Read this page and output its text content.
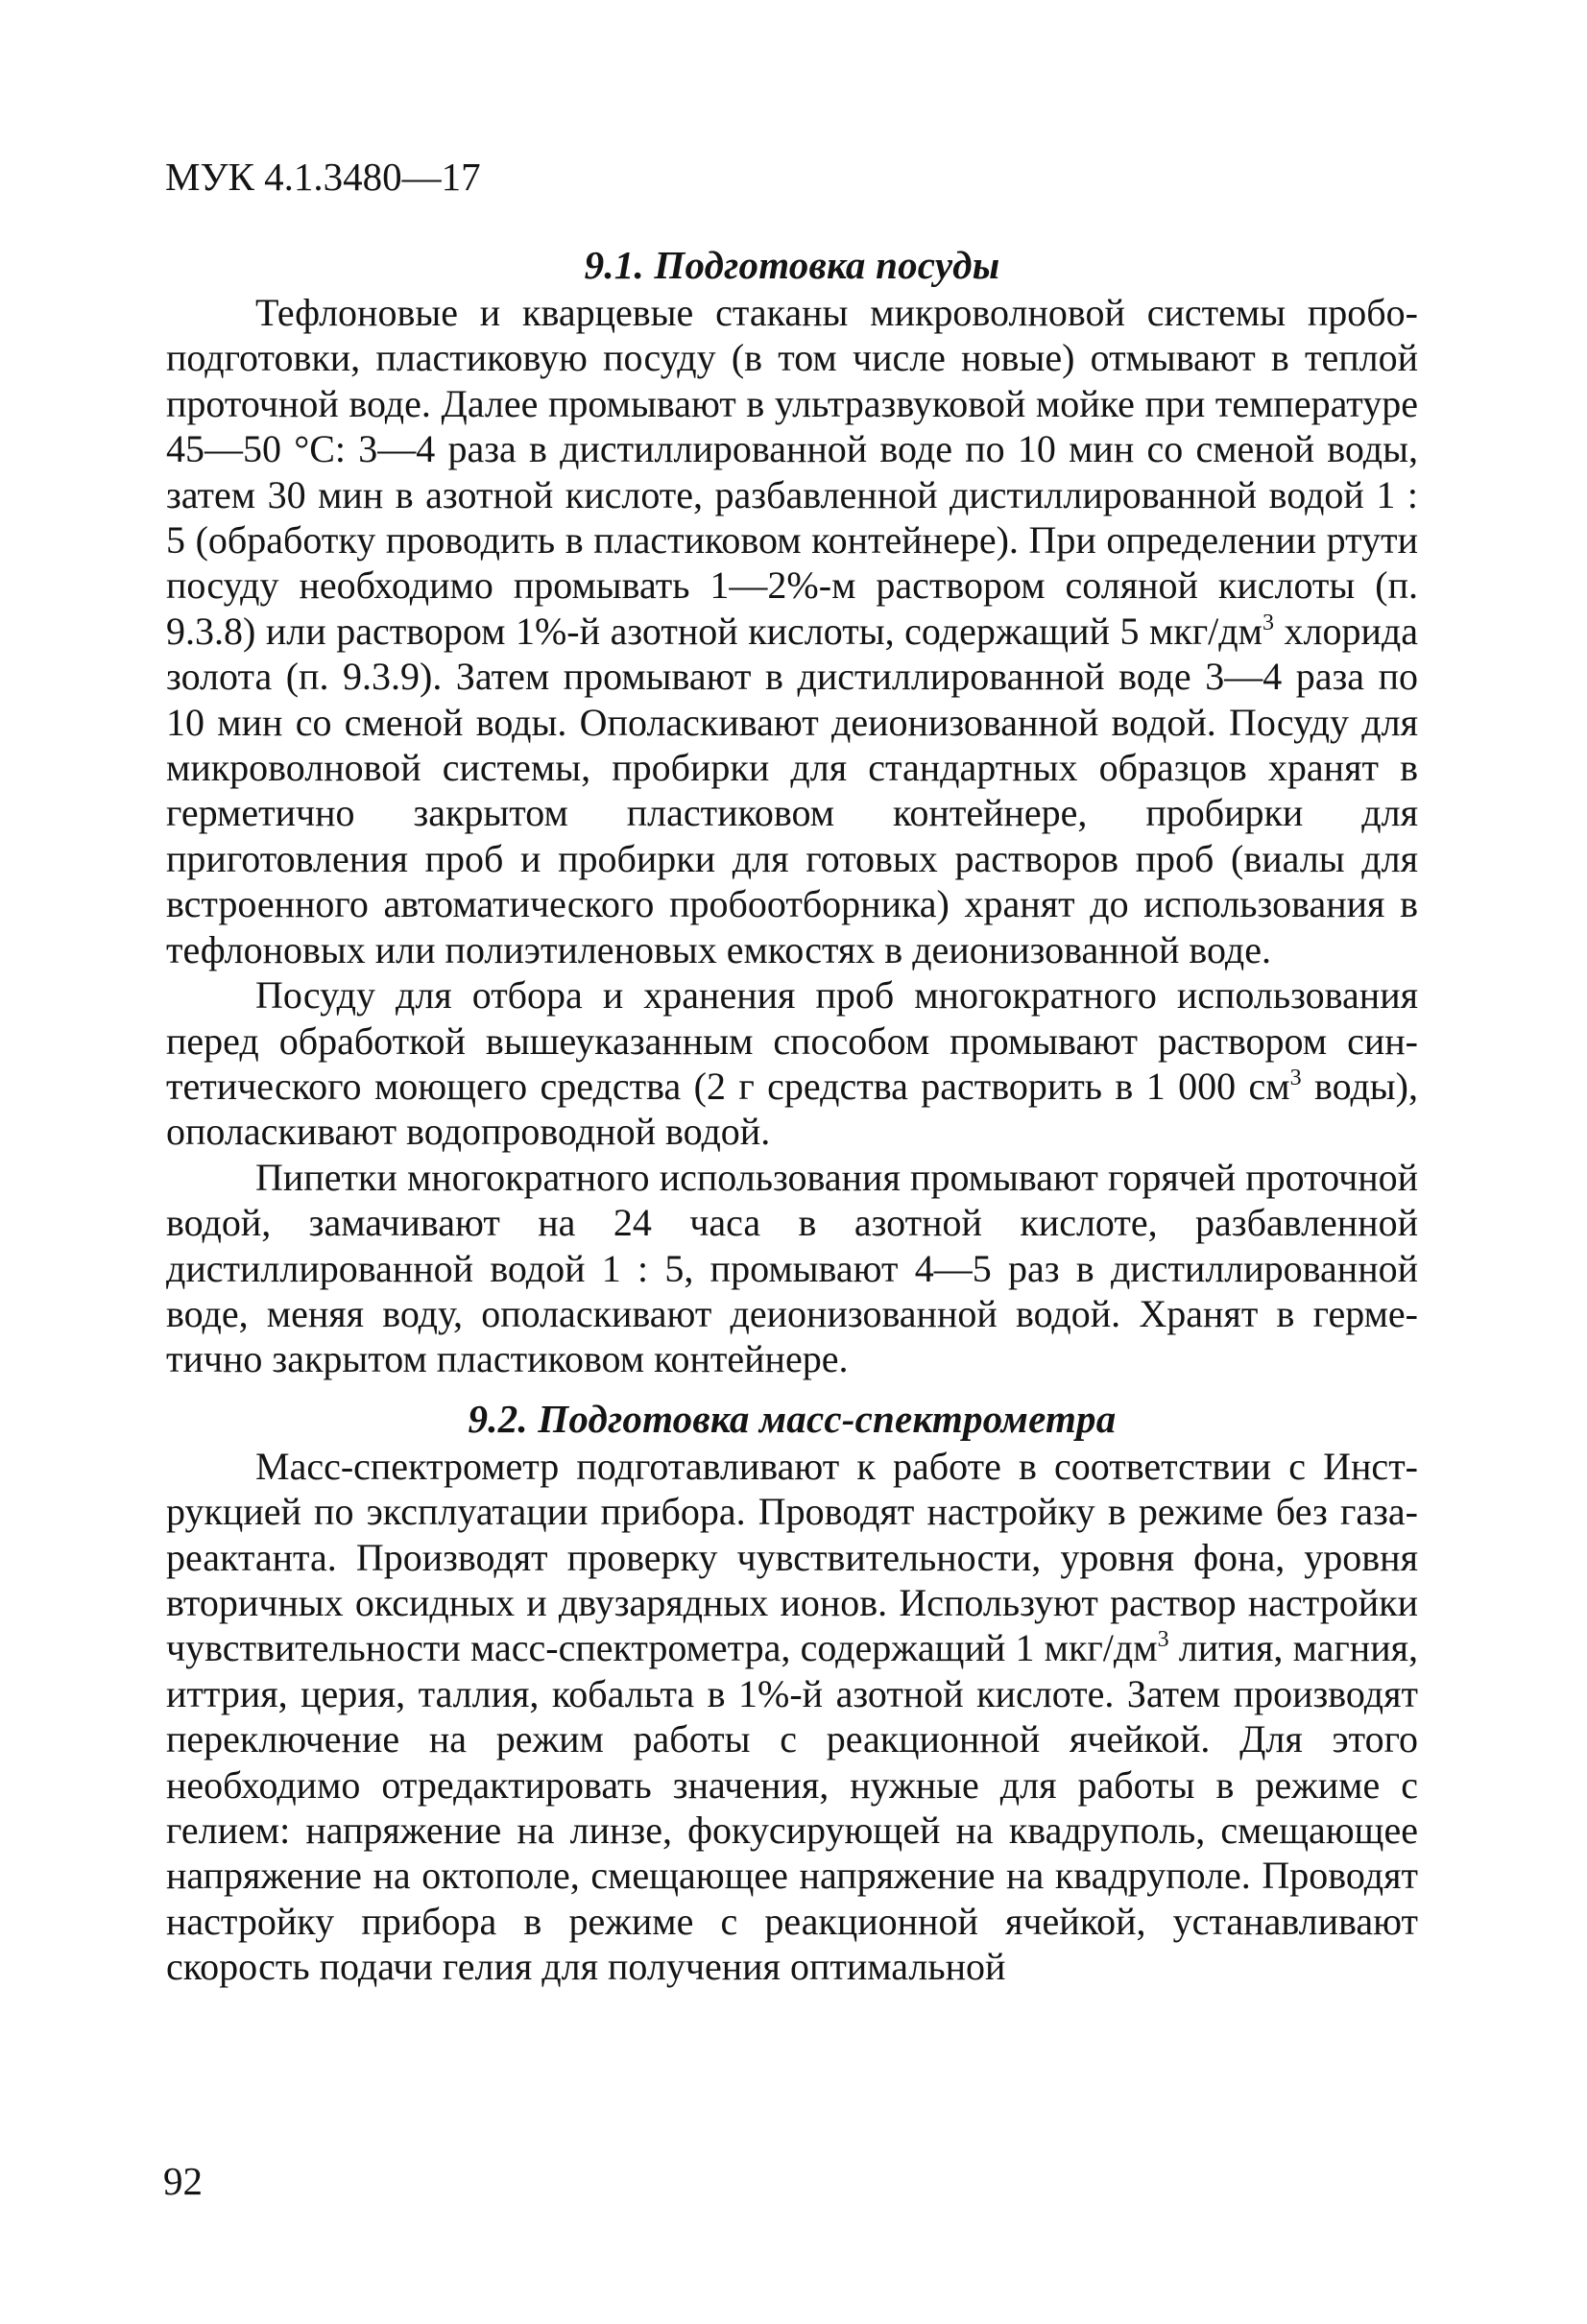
МУК 4.1.3480—17
9.1. Подготовка посуды

Тефлоновые и кварцевые стаканы микроволновой системы пробоподготовки, пластиковую посуду (в том числе новые) отмывают в теплой проточной воде. Далее промывают в ультразвуковой мойке при температуре 45—50 °С: 3—4 раза в дистиллированной воде по 10 мин со сменой воды, затем 30 мин в азотной кислоте, разбавленной дистиллированной водой 1 : 5 (обработку проводить в пластиковом контейнере). При определении ртути посуду необходимо промывать 1—2%-м раствором соляной кислоты (п. 9.3.8) или раствором 1%-й азотной кислоты, содержащий 5 мкг/$дм^3$ хлорида золота (п. 9.3.9). Затем промывают в дистиллированной воде 3—4 раза по 10 мин со сменой воды. Ополаскивают деионизованной водой. Посуду для микроволновой системы, пробирки для стандартных образцов хранят в герметично закрытом пластиковом контейнере, пробирки для приготовления проб и пробирки для готовых растворов проб (виалы для встроенного автоматического пробоотборника) хранят до использования в тефлоновых или полиэтиленовых емкостях в деионизованной воде.

Посуду для отбора и хранения проб многократного использования перед обработкой вышеуказанным способом промывают раствором синтетического моющего средства (2 г средства растворить в 1 000 $см^3$ воды), ополаскивают водопроводной водой.

Пипетки многократного использования промывают горячей проточной водой, замачивают на 24 часа в азотной кислоте, разбавленной дистиллированной водой 1 : 5, промывают 4—5 раз в дистиллированной воде, меняя воду, ополаскивают деионизованной водой. Хранят в герметично закрытом пластиковом контейнере.

9.2. Подготовка масс-спектрометра

Масс-спектрометр подготавливают к работе в соответствии с Инструкцией по эксплуатации прибора. Проводят настройку в режиме без газа-реактанта. Производят проверку чувствительности, уровня фона, уровня вторичных оксидных и двузарядных ионов. Используют раствор настройки чувствительности масс-спектрометра, содержащий 1 мкг/$дм^3$ лития, магния, иттрия, церия, таллия, кобальта в 1%-й азотной кислоте. Затем производят переключение на режим работы с реакционной ячейкой. Для этого необходимо отредактировать значения, нужные для работы в режиме с гелием: напряжение на линзе, фокусирующей на квадруполь, смещающее напряжение на октополе, смещающее напряжение на квадруполе. Проводят настройку прибора в режиме с реакционной ячейкой, устанавливают скорость подачи гелия для получения оптимальной

92
